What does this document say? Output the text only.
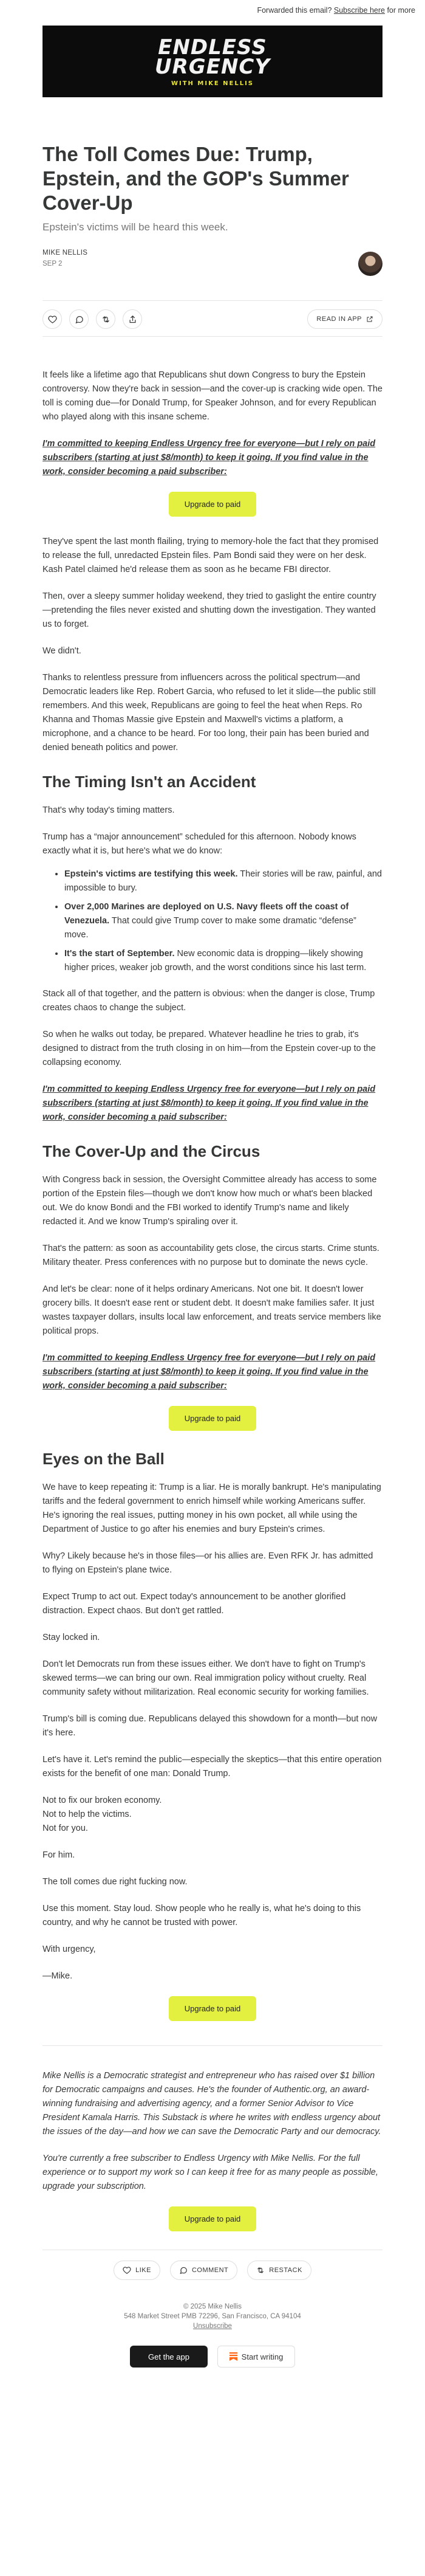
Forwarded this email? Subscribe here for more
ENDLESS
URGENCY
WITH MIKE NELLIS
The Toll Comes Due: Trump, Epstein, and the GOP's Summer Cover-Up
Epstein's victims will be heard this week.
MIKE NELLIS
SEP 2
READ IN APP

It feels like a lifetime ago that Republicans shut down Congress to bury the Epstein controversy. Now they're back in session—and the cover-up is cracking wide open. The toll is coming due—for Donald Trump, for Speaker Johnson, and for every Republican who played along with this insane scheme.

I'm committed to keeping Endless Urgency free for everyone—but I rely on paid subscribers (starting at just $8/month) to keep it going. If you find value in the work, consider becoming a paid subscriber:

Upgrade to paid

They've spent the last month flailing, trying to memory-hole the fact that they promised to release the full, unredacted Epstein files. Pam Bondi said they were on her desk. Kash Patel claimed he'd release them as soon as he became FBI director.

Then, over a sleepy summer holiday weekend, they tried to gaslight the entire country—pretending the files never existed and shutting down the investigation. They wanted us to forget.

We didn't.

Thanks to relentless pressure from influencers across the political spectrum—and Democratic leaders like Rep. Robert Garcia, who refused to let it slide—the public still remembers. And this week, Republicans are going to feel the heat when Reps. Ro Khanna and Thomas Massie give Epstein and Maxwell's victims a platform, a microphone, and a chance to be heard. For too long, their pain has been buried and denied beneath politics and power.

The Timing Isn't an Accident

That's why today's timing matters.

Trump has a “major announcement” scheduled for this afternoon. Nobody knows exactly what it is, but here's what we do know:

• Epstein's victims are testifying this week. Their stories will be raw, painful, and impossible to bury.
• Over 2,000 Marines are deployed on U.S. Navy fleets off the coast of Venezuela. That could give Trump cover to make some dramatic “defense” move.
• It's the start of September. New economic data is dropping—likely showing higher prices, weaker job growth, and the worst conditions since his last term.

Stack all of that together, and the pattern is obvious: when the danger is close, Trump creates chaos to change the subject.

So when he walks out today, be prepared. Whatever headline he tries to grab, it's designed to distract from the truth closing in on him—from the Epstein cover-up to the collapsing economy.

I'm committed to keeping Endless Urgency free for everyone—but I rely on paid subscribers (starting at just $8/month) to keep it going. If you find value in the work, consider becoming a paid subscriber:

The Cover-Up and the Circus

With Congress back in session, the Oversight Committee already has access to some portion of the Epstein files—though we don't know how much or what's been blacked out. We do know Bondi and the FBI worked to identify Trump's name and likely redacted it. And we know Trump's spiraling over it.

That's the pattern: as soon as accountability gets close, the circus starts. Crime stunts. Military theater. Press conferences with no purpose but to dominate the news cycle.

And let's be clear: none of it helps ordinary Americans. Not one bit. It doesn't lower grocery bills. It doesn't ease rent or student debt. It doesn't make families safer. It just wastes taxpayer dollars, insults local law enforcement, and treats service members like political props.

I'm committed to keeping Endless Urgency free for everyone—but I rely on paid subscribers (starting at just $8/month) to keep it going. If you find value in the work, consider becoming a paid subscriber:

Upgrade to paid
Eyes on the Ball

We have to keep repeating it: Trump is a liar. He is morally bankrupt. He's manipulating tariffs and the federal government to enrich himself while working Americans suffer. He's ignoring the real issues, putting money in his own pocket, all while using the Department of Justice to go after his enemies and bury Epstein's crimes.

Why? Likely because he's in those files—or his allies are. Even RFK Jr. has admitted to flying on Epstein's plane twice.

Expect Trump to act out. Expect today's announcement to be another glorified distraction. Expect chaos. But don't get rattled.

Stay locked in.

Don't let Democrats run from these issues either. We don't have to fight on Trump's skewed terms—we can bring our own. Real immigration policy without cruelty. Real community safety without militarization. Real economic security for working families.

Trump's bill is coming due. Republicans delayed this showdown for a month—but now it's here.

Let's have it. Let's remind the public—especially the skeptics—that this entire operation exists for the benefit of one man: Donald Trump.

Not to fix our broken economy.
Not to help the victims.
Not for you.

For him.

The toll comes due right fucking now.

Use this moment. Stay loud. Show people who he really is, what he's doing to this country, and why he cannot be trusted with power.

With urgency,

—Mike.

Upgrade to paid

Mike Nellis is a Democratic strategist and entrepreneur who has raised over $1 billion for Democratic campaigns and causes. He's the founder of Authentic.org, an award-winning fundraising and advertising agency, and a former Senior Advisor to Vice President Kamala Harris. This Substack is where he writes with endless urgency about the issues of the day—and how we can save the Democratic Party and our democracy.

You're currently a free subscriber to Endless Urgency with Mike Nellis. For the full experience or to support my work so I can keep it free for as many people as possible, upgrade your subscription.

Upgrade to paid
LIKE	COMMENT	RESTACK
© 2025 Mike Nellis
548 Market Street PMB 72296, San Francisco, CA 94104
Unsubscribe
Get the app	Start writing
